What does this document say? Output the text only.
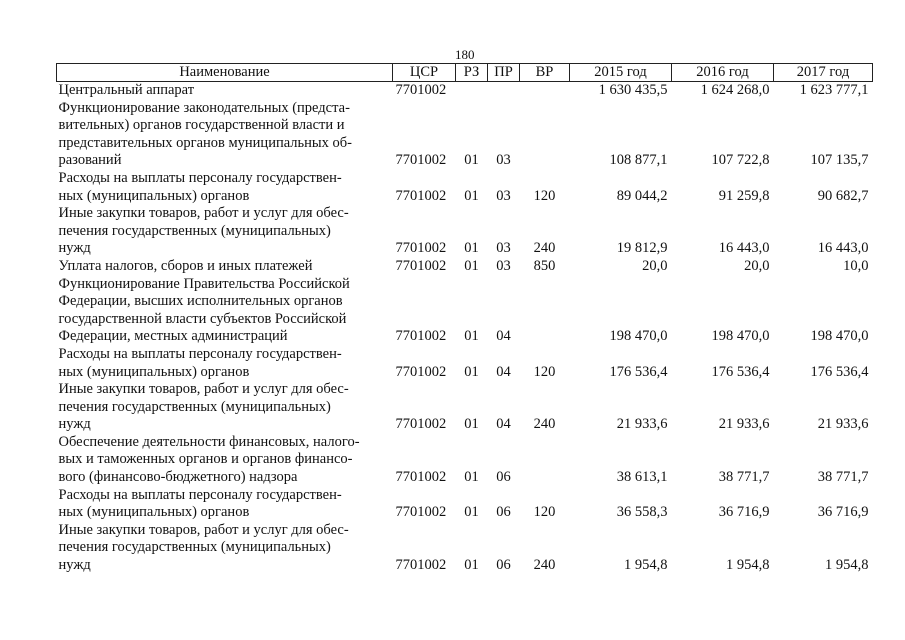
180
Наименование	ЦСР	РЗ	ПР	ВР	2015 год	2016 год	2017 год

Центральный аппарат	7701002				1 630 435,5	1 624 268,0	1 623 777,1

Функционирование законодательных (предста-
вительных) органов государственной власти и
представительных органов муниципальных об-
разований	7701002	01	03		108 877,1	107 722,8	107 135,7

Расходы на выплаты персоналу государствен-
ных (муниципальных) органов	7701002	01	03	120	89 044,2	91 259,8	90 682,7

Иные закупки товаров, работ и услуг для обес-
печения государственных (муниципальных)
нужд	7701002	01	03	240	19 812,9	16 443,0	16 443,0

Уплата налогов, сборов и иных платежей	7701002	01	03	850	20,0	20,0	10,0

Функционирование Правительства Российской
Федерации, высших исполнительных органов
государственной власти субъектов Российской
Федерации, местных администраций	7701002	01	04		198 470,0	198 470,0	198 470,0

Расходы на выплаты персоналу государствен-
ных (муниципальных) органов	7701002	01	04	120	176 536,4	176 536,4	176 536,4

Иные закупки товаров, работ и услуг для обес-
печения государственных (муниципальных)
нужд	7701002	01	04	240	21 933,6	21 933,6	21 933,6

Обеспечение деятельности финансовых, налого-
вых и таможенных органов и органов финансо-
вого (финансово-бюджетного) надзора	7701002	01	06		38 613,1	38 771,7	38 771,7

Расходы на выплаты персоналу государствен-
ных (муниципальных) органов	7701002	01	06	120	36 558,3	36 716,9	36 716,9

Иные закупки товаров, работ и услуг для обес-
печения государственных (муниципальных)
нужд	7701002	01	06	240	1 954,8	1 954,8	1 954,8
